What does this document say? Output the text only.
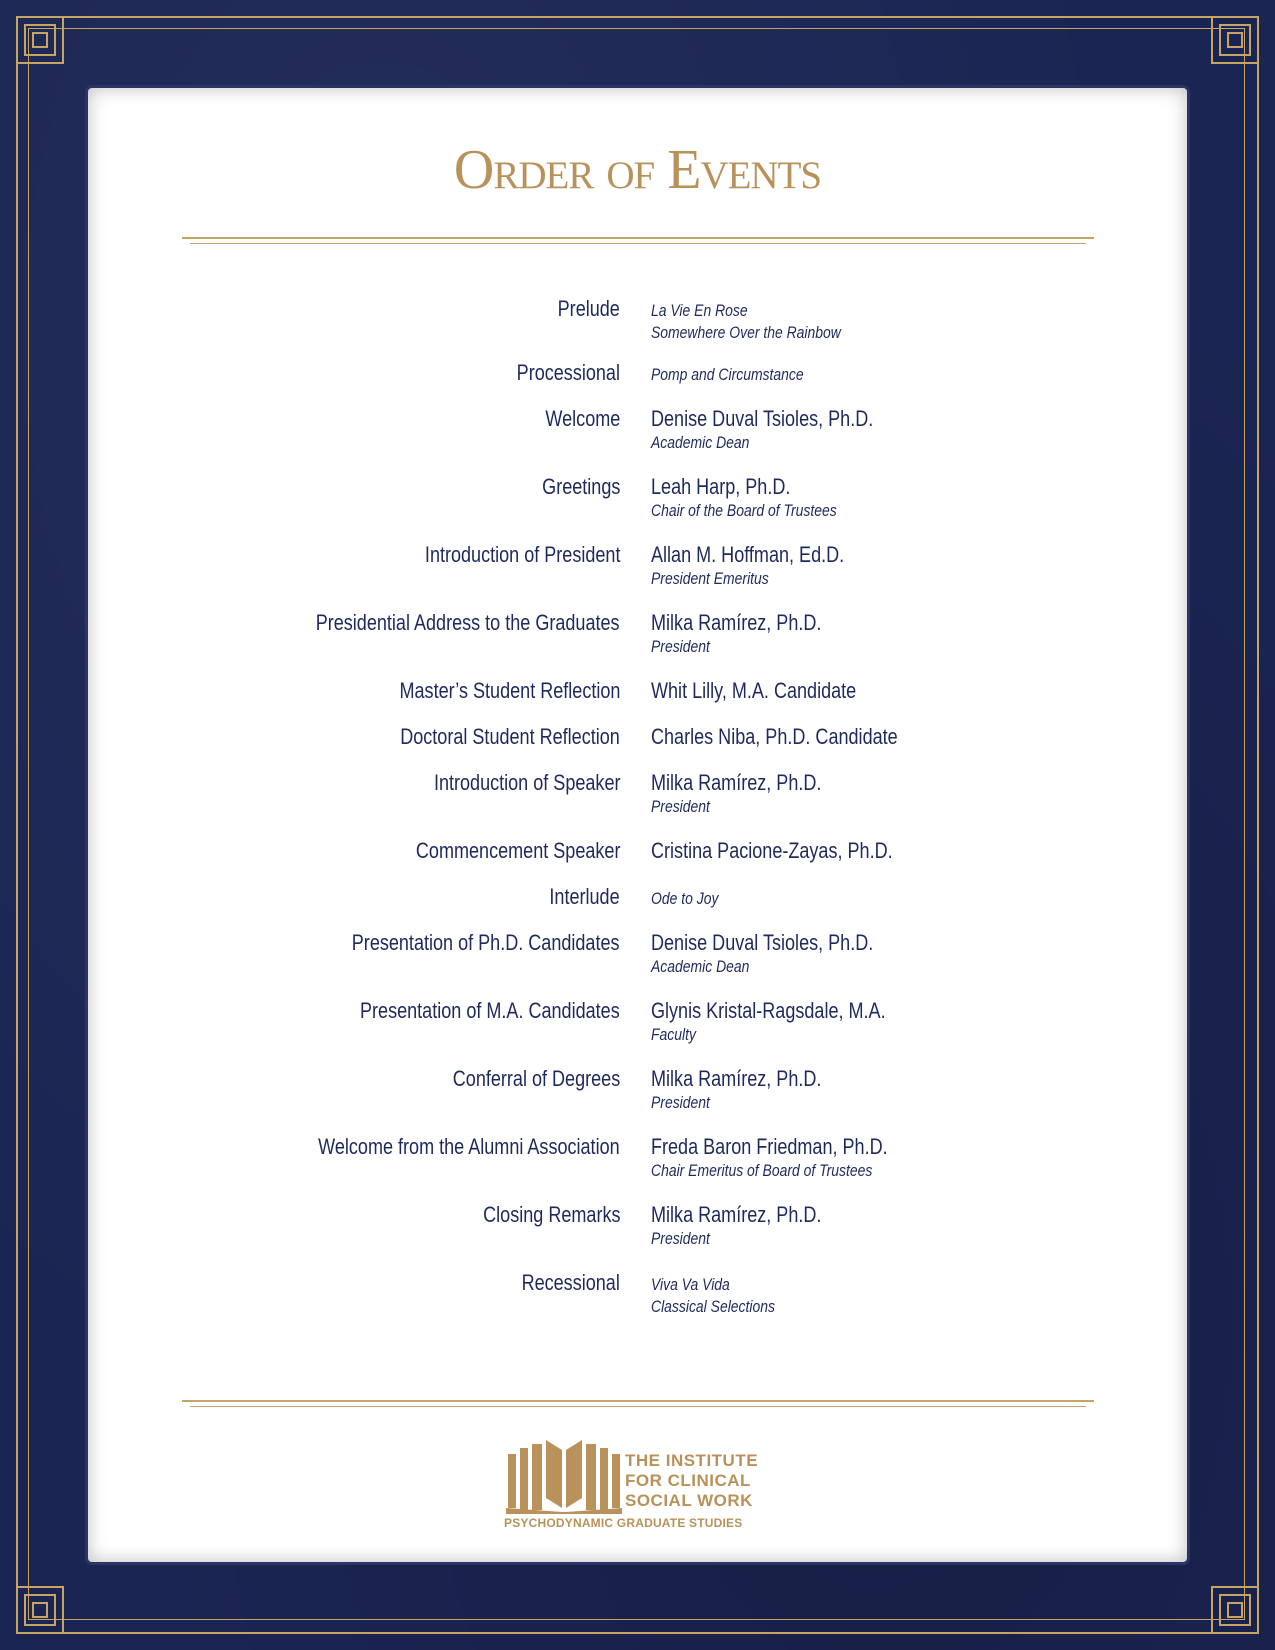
Order of Events
Prelude La Vie En Rose
Somewhere Over the Rainbow
Processional Pomp and Circumstance
Welcome Denise Duval Tsioles, Ph.D.
Academic Dean
Greetings Leah Harp, Ph.D.
Chair of the Board of Trustees
Introduction of President Allan M. Hoffman, Ed.D.
President Emeritus
Presidential Address to the Graduates Milka Ramírez, Ph.D.
President
Master’s Student Reflection Whit Lilly, M.A. Candidate
Doctoral Student Reflection Charles Niba, Ph.D. Candidate
Introduction of Speaker Milka Ramírez, Ph.D.
President
Commencement Speaker Cristina Pacione-Zayas, Ph.D.
Interlude Ode to Joy
Presentation of Ph.D. Candidates Denise Duval Tsioles, Ph.D.
Academic Dean
Presentation of M.A. Candidates Glynis Kristal-Ragsdale, M.A.
Faculty
Conferral of Degrees Milka Ramírez, Ph.D.
President
Welcome from the Alumni Association Freda Baron Friedman, Ph.D.
Chair Emeritus of Board of Trustees
Closing Remarks Milka Ramírez, Ph.D.
President
Recessional Viva Va Vida
Classical Selections
THE INSTITUTE
FOR CLINICAL
SOCIAL WORK
PSYCHODYNAMIC GRADUATE STUDIES
